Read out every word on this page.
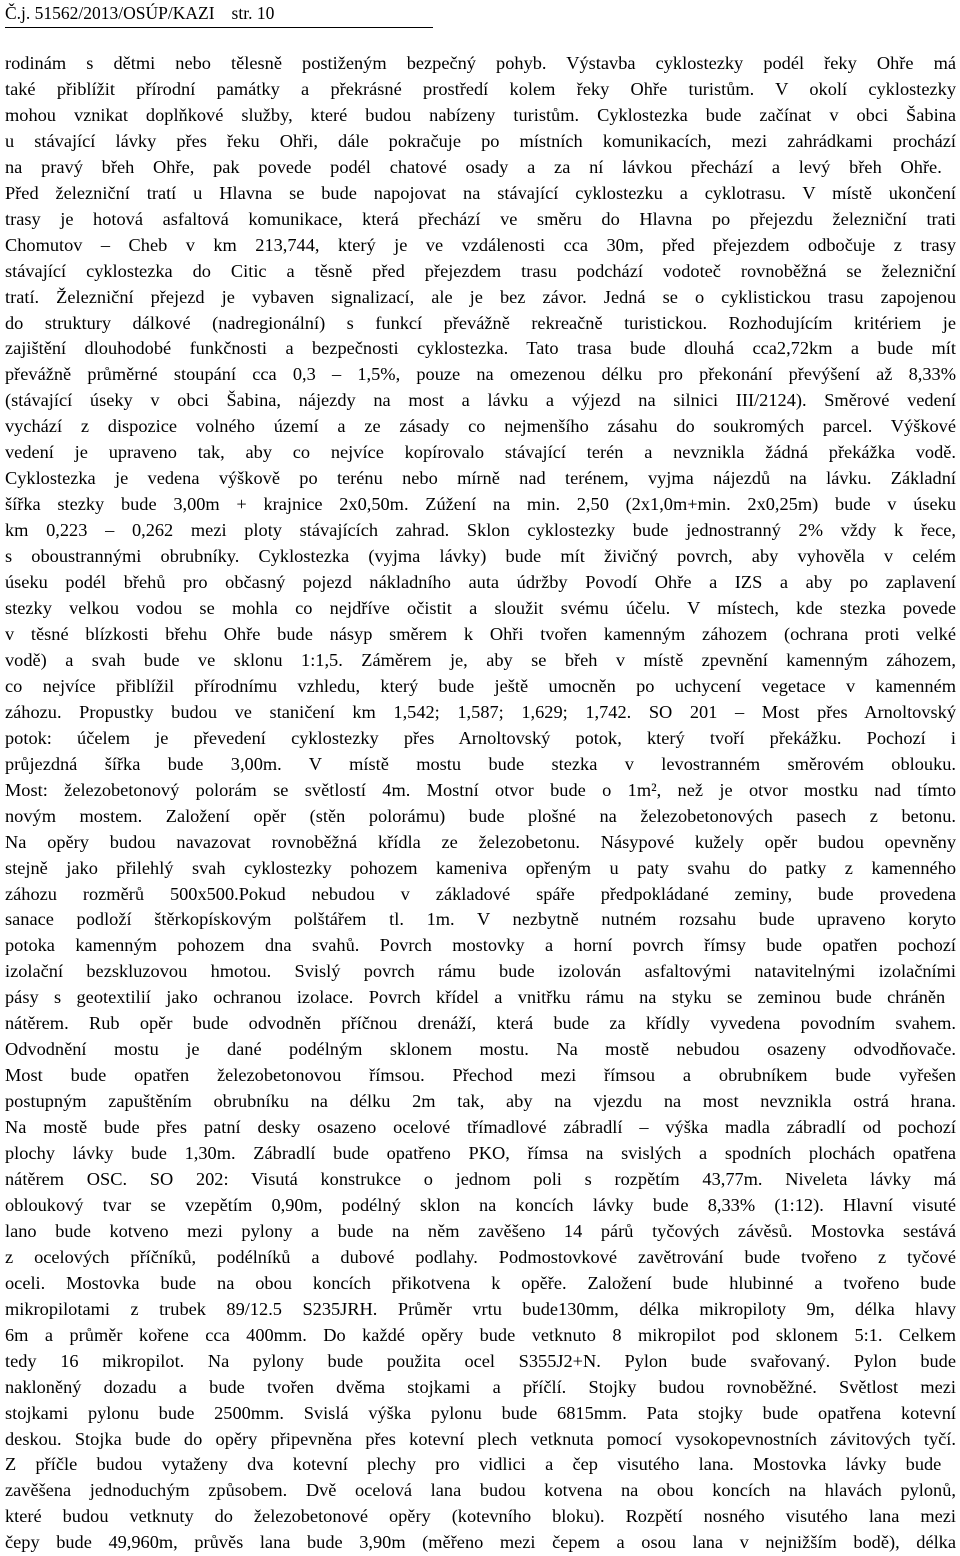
Č.j. 51562/2013/OSÚP/KAZI str. 10
rodinám s dětmi nebo tělesně postiženým bezpečný pohyb. Výstavba cyklostezky podél řeky Ohře má
také přiblížit přírodní památky a překrásné prostředí kolem řeky Ohře turistům. V okolí cyklostezky
mohou vznikat doplňkové služby, které budou nabízeny turistům. Cyklostezka bude začínat v obci Šabina
u stávající lávky přes řeku Ohři, dále pokračuje po místních komunikacích, mezi zahrádkami prochází
na pravý břeh Ohře, pak povede podél chatové osady a za ní lávkou přechází a levý břeh Ohře.
Před železniční tratí u Hlavna se bude napojovat na stávající cyklostezku a cyklotrasu. V místě ukončení
trasy je hotová asfaltová komunikace, která přechází ve směru do Hlavna po přejezdu železniční trati
Chomutov – Cheb v km 213,744, který je ve vzdálenosti cca 30m, před přejezdem odbočuje z trasy
stávající cyklostezka do Citic a těsně před přejezdem trasu podchází vodoteč rovnoběžná se železniční
tratí. Železniční přejezd je vybaven signalizací, ale je bez závor. Jedná se o cyklistickou trasu zapojenou
do struktury dálkové (nadregionální) s funkcí převážně rekreačně turistickou. Rozhodujícím kritériem je
zajištění dlouhodobé funkčnosti a bezpečnosti cyklostezka. Tato trasa bude dlouhá cca2,72km a bude mít
převážně průměrné stoupání cca 0,3 – 1,5%, pouze na omezenou délku pro překonání převýšení až 8,33%
(stávající úseky v obci Šabina, nájezdy na most a lávku a výjezd na silnici III/2124). Směrové vedení
vychází z dispozice volného území a ze zásady co nejmenšího zásahu do soukromých parcel. Výškové
vedení je upraveno tak, aby co nejvíce kopírovalo stávající terén a nevznikla žádná překážka vodě.
Cyklostezka je vedena výškově po terénu nebo mírně nad terénem, vyjma nájezdů na lávku. Základní
šířka stezky bude 3,00m + krajnice 2x0,50m. Zúžení na min. 2,50 (2x1,0m+min. 2x0,25m) bude v úseku
km 0,223 – 0,262 mezi ploty stávajících zahrad. Sklon cyklostezky bude jednostranný 2% vždy k řece,
s oboustrannými obrubníky. Cyklostezka (vyjma lávky) bude mít živičný povrch, aby vyhověla v celém
úseku podél břehů pro občasný pojezd nákladního auta údržby Povodí Ohře a IZS a aby po zaplavení
stezky velkou vodou se mohla co nejdříve očistit a sloužit svému účelu. V místech, kde stezka povede
v těsné blízkosti břehu Ohře bude násyp směrem k Ohři tvořen kamenným záhozem (ochrana proti velké
vodě) a svah bude ve sklonu 1:1,5. Záměrem je, aby se břeh v místě zpevnění kamenným záhozem,
co nejvíce přiblížil přírodnímu vzhledu, který bude ještě umocněn po uchycení vegetace v kamenném
záhozu. Propustky budou ve staničení km 1,542; 1,587; 1,629; 1,742. SO 201 – Most přes Arnoltovský
potok: účelem je převedení cyklostezky přes Arnoltovský potok, který tvoří překážku. Pochozí i
průjezdná šířka bude 3,00m. V místě mostu bude stezka v levostranném směrovém oblouku.
Most: železobetonový polorám se světlostí 4m. Mostní otvor bude o 1m², než je otvor mostku nad tímto
novým mostem. Založení opěr (stěn polorámu) bude plošné na železobetonových pasech z betonu.
Na opěry budou navazovat rovnoběžná křídla ze železobetonu. Násypové kužely opěr budou opevněny
stejně jako přilehlý svah cyklostezky pohozem kameniva opřeným u paty svahu do patky z kamenného
záhozu rozměrů 500x500.Pokud nebudou v základové spáře předpokládané zeminy, bude provedena
sanace podloží štěrkopískovým polštářem tl. 1m. V nezbytně nutném rozsahu bude upraveno koryto
potoka kamenným pohozem dna svahů. Povrch mostovky a horní povrch římsy bude opatřen pochozí
izolační bezskluzovou hmotou. Svislý povrch rámu bude izolován asfaltovými natavitelnými izolačními
pásy s geotextilií jako ochranou izolace. Povrch křídel a vnitřku rámu na styku se zeminou bude chráněn
nátěrem. Rub opěr bude odvodněn příčnou drenáží, která bude za křídly vyvedena povodním svahem.
Odvodnění mostu je dané podélným sklonem mostu. Na mostě nebudou osazeny odvodňovače.
Most bude opatřen železobetonovou římsou. Přechod mezi římsou a obrubníkem bude vyřešen
postupným zapuštěním obrubníku na délku 2m tak, aby na vjezdu na most nevznikla ostrá hrana.
Na mostě bude přes patní desky osazeno ocelové třímadlové zábradlí – výška madla zábradlí od pochozí
plochy lávky bude 1,30m. Zábradlí bude opatřeno PKO, římsa na svislých a spodních plochách opatřena
nátěrem OSC. SO 202: Visutá konstrukce o jednom poli s rozpětím 43,77m. Niveleta lávky má
obloukový tvar se vzepětím 0,90m, podélný sklon na koncích lávky bude 8,33% (1:12). Hlavní visuté
lano bude kotveno mezi pylony a bude na něm zavěšeno 14 párů tyčových závěsů. Mostovka sestává
z ocelových příčníků, podélníků a dubové podlahy. Podmostovkové zavětrování bude tvořeno z tyčové
oceli. Mostovka bude na obou koncích přikotvena k opěře. Založení bude hlubinné a tvořeno bude
mikropilotami z trubek 89/12.5 S235JRH. Průměr vrtu bude130mm, délka mikropiloty 9m, délka hlavy
6m a průměr kořene cca 400mm. Do každé opěry bude vetknuto 8 mikropilot pod sklonem 5:1. Celkem
tedy 16 mikropilot. Na pylony bude použita ocel S355J2+N. Pylon bude svařovaný. Pylon bude
nakloněný dozadu a bude tvořen dvěma stojkami a příčlí. Stojky budou rovnoběžné. Světlost mezi
stojkami pylonu bude 2500mm. Svislá výška pylonu bude 6815mm. Pata stojky bude opatřena kotevní
deskou. Stojka bude do opěry připevněna přes kotevní plech vetknuta pomocí vysokopevnostních závitových tyčí.
Z příčle budou vytaženy dva kotevní plechy pro vidlici a čep visutého lana. Mostovka lávky bude
zavěšena jednoduchým způsobem. Dvě ocelová lana budou kotvena na obou koncích na hlavách pylonů,
které budou vetknuty do železobetonové opěry (kotevního bloku). Rozpětí nosného visutého lana mezi
čepy bude 49,960m, průvěs lana bude 3,90m (měřeno mezi čepem a osou lana v nejnižším bodě), délka
